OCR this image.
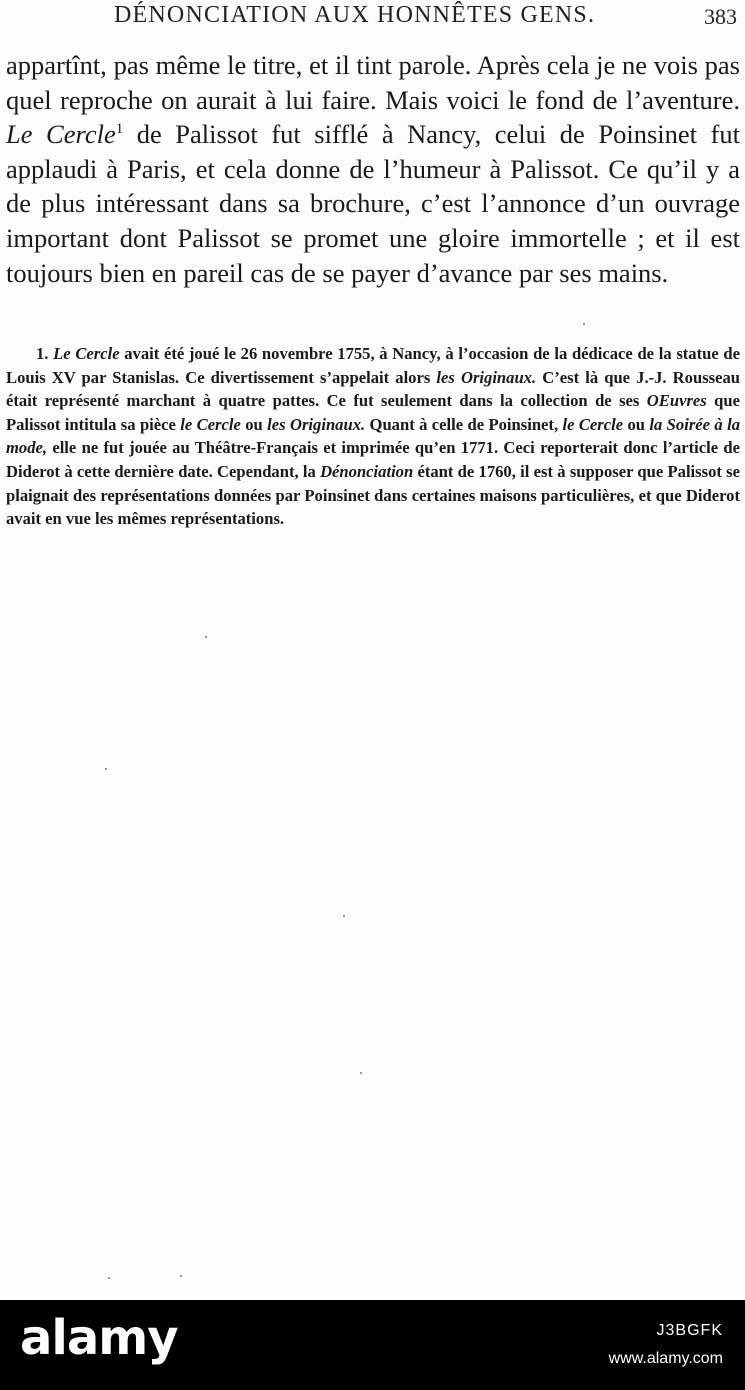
DÉNONCIATION AUX HONNÊTES GENS.	383

appartînt, pas même le titre, et il tint parole. Après cela je ne vois pas quel reproche on aurait à lui faire. Mais voici le fond de l’aventure. Le Cercle$^1$ de Palissot fut sifflé à Nancy, celui de Poinsinet fut applaudi à Paris, et cela donne de l’humeur à Palissot. Ce qu’il y a de plus intéressant dans sa brochure, c’est l’annonce d’un ouvrage important dont Palissot se promet une gloire immortelle ; et il est toujours bien en pareil cas de se payer d’avance par ses mains.

1. Le Cercle avait été joué le 26 novembre 1755, à Nancy, à l’occasion de la dédicace de la statue de Louis XV par Stanislas. Ce divertissement s’appelait alors les Originaux. C’est là que J.-J. Rousseau était représenté marchant à quatre pattes. Ce fut seulement dans la collection de ses OEuvres que Palissot intitula sa pièce le Cercle ou les Originaux. Quant à celle de Poinsinet, le Cercle ou la Soirée à la mode, elle ne fut jouée au Théâtre-Français et imprimée qu’en 1771. Ceci reporterait donc l’article de Diderot à cette dernière date. Cependant, la Dénonciation étant de 1760, il est à supposer que Palissot se plaignait des représentations données par Poinsinet dans certaines maisons particulières, et que Diderot avait en vue les mêmes représentations.

alamy	J3BGFK
www.alamy.com
